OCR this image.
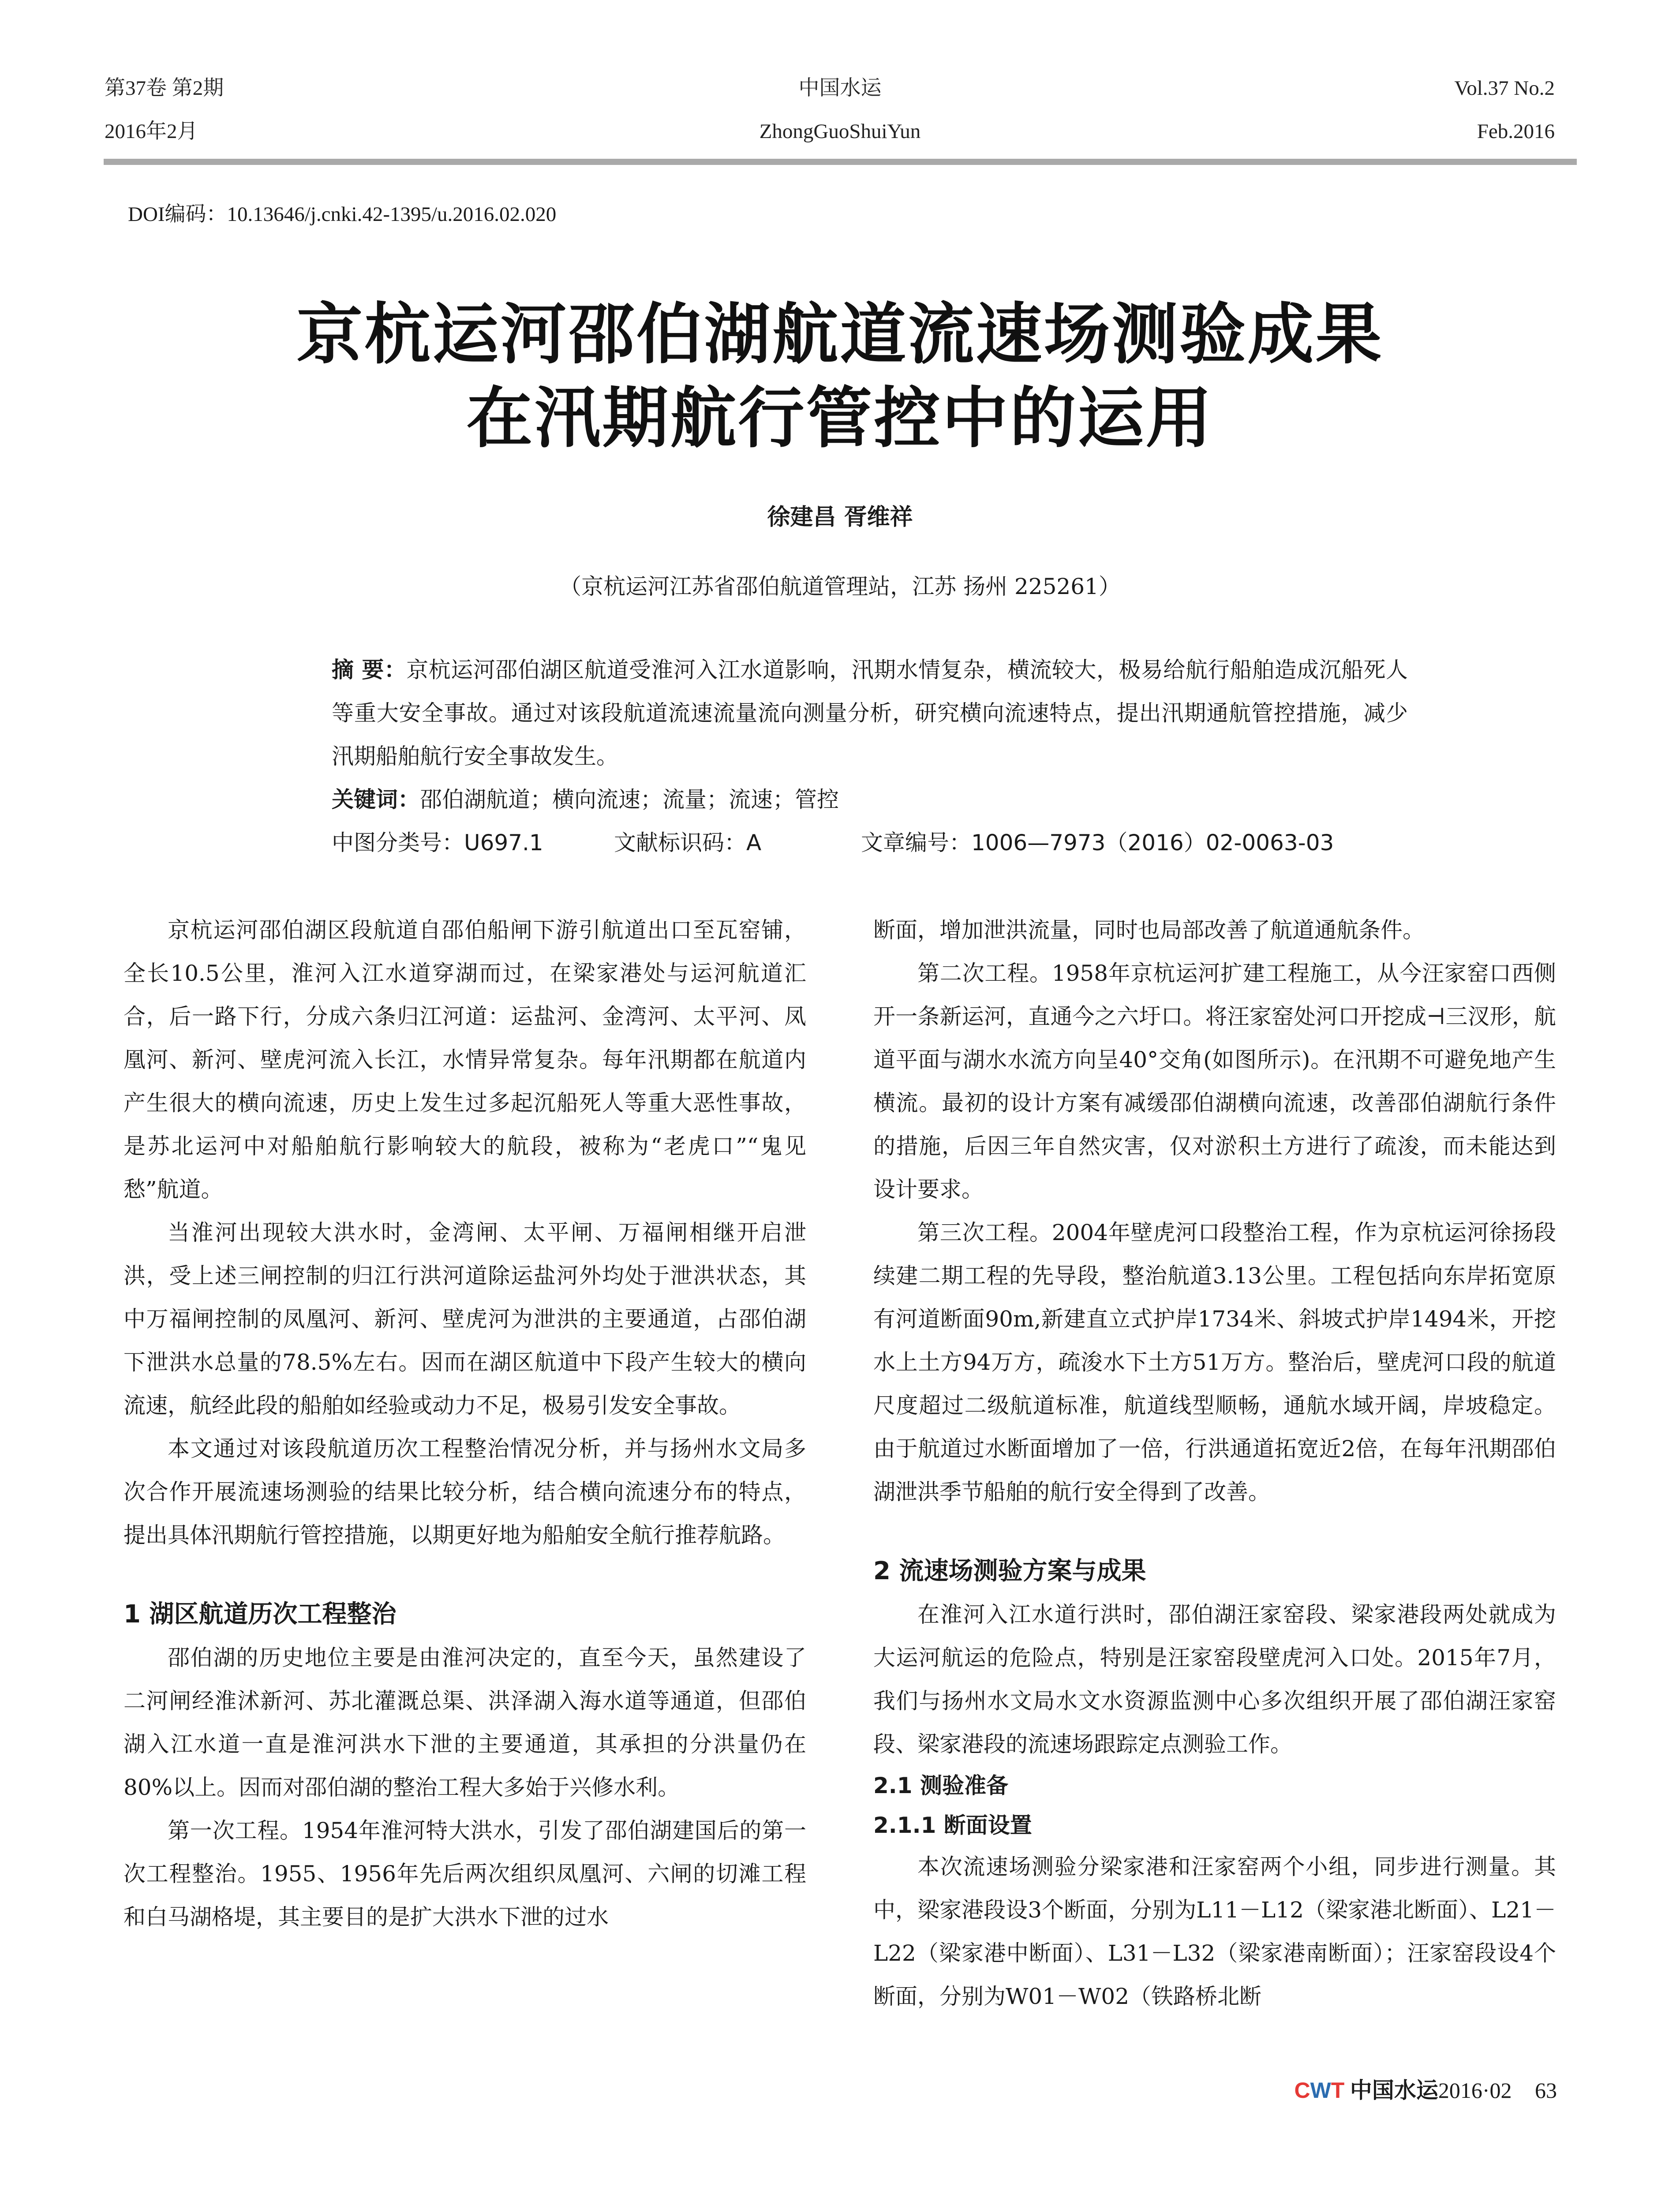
第37卷 第2期
2016年2月
中国水运
ZhongGuoShuiYun
Vol.37 No.2
Feb.2016
DOI编码：10.13646/j.cnki.42-1395/u.2016.02.020
京杭运河邵伯湖航道流速场测验成果
在汛期航行管控中的运用
徐建昌 胥维祥
（京杭运河江苏省邵伯航道管理站，江苏 扬州 225261）

摘 要：京杭运河邵伯湖区航道受淮河入江水道影响，汛期水情复杂，横流较大，极易给航行船舶造成沉船死人等重大安全事故。通过对该段航道流速流量流向测量分析，研究横向流速特点，提出汛期通航管控措施，减少汛期船舶航行安全事故发生。

关键词：邵伯湖航道；横向流速；流量；流速；管控

中图分类号：U697.1	文献标识码：A	文章编号：1006—7973（2016）02-0063-03

京杭运河邵伯湖区段航道自邵伯船闸下游引航道出口至瓦窑铺，全长10.5公里，淮河入江水道穿湖而过，在梁家港处与运河航道汇合，后一路下行，分成六条归江河道：运盐河、金湾河、太平河、凤凰河、新河、壁虎河流入长江，水情异常复杂。每年汛期都在航道内产生很大的横向流速，历史上发生过多起沉船死人等重大恶性事故，是苏北运河中对船舶航行影响较大的航段，被称为“老虎口”“鬼见愁”航道。

当淮河出现较大洪水时，金湾闸、太平闸、万福闸相继开启泄洪，受上述三闸控制的归江行洪河道除运盐河外均处于泄洪状态，其中万福闸控制的凤凰河、新河、壁虎河为泄洪的主要通道，占邵伯湖下泄洪水总量的78.5%左右。因而在湖区航道中下段产生较大的横向流速，航经此段的船舶如经验或动力不足，极易引发安全事故。

本文通过对该段航道历次工程整治情况分析，并与扬州水文局多次合作开展流速场测验的结果比较分析，结合横向流速分布的特点，提出具体汛期航行管控措施，以期更好地为船舶安全航行推荐航路。

1 湖区航道历次工程整治

邵伯湖的历史地位主要是由淮河决定的，直至今天，虽然建设了二河闸经淮沭新河、苏北灌溉总渠、洪泽湖入海水道等通道，但邵伯湖入江水道一直是淮河洪水下泄的主要通道，其承担的分洪量仍在80%以上。因而对邵伯湖的整治工程大多始于兴修水利。

第一次工程。1954年淮河特大洪水，引发了邵伯湖建国后的第一次工程整治。1955、1956年先后两次组织凤凰河、六闸的切滩工程和白马湖格堤，其主要目的是扩大洪水下泄的过水

断面，增加泄洪流量，同时也局部改善了航道通航条件。

第二次工程。1958年京杭运河扩建工程施工，从今汪家窑口西侧开一条新运河，直通今之六圩口。将汪家窑处河口开挖成⊣三汊形，航道平面与湖水水流方向呈40°交角(如图所示)。在汛期不可避免地产生横流。最初的设计方案有减缓邵伯湖横向流速，改善邵伯湖航行条件的措施，后因三年自然灾害，仅对淤积土方进行了疏浚，而未能达到设计要求。

第三次工程。2004年壁虎河口段整治工程，作为京杭运河徐扬段续建二期工程的先导段，整治航道3.13公里。工程包括向东岸拓宽原有河道断面90m,新建直立式护岸1734米、斜坡式护岸1494米，开挖水上土方94万方，疏浚水下土方51万方。整治后，壁虎河口段的航道尺度超过二级航道标准，航道线型顺畅，通航水域开阔，岸坡稳定。由于航道过水断面增加了一倍，行洪通道拓宽近2倍，在每年汛期邵伯湖泄洪季节船舶的航行安全得到了改善。

2 流速场测验方案与成果

在淮河入江水道行洪时，邵伯湖汪家窑段、梁家港段两处就成为大运河航运的危险点，特别是汪家窑段壁虎河入口处。2015年7月，我们与扬州水文局水文水资源监测中心多次组织开展了邵伯湖汪家窑段、梁家港段的流速场跟踪定点测验工作。

2.1 测验准备
2.1.1 断面设置

本次流速场测验分梁家港和汪家窑两个小组，同步进行测量。其中，梁家港段设3个断面，分别为L11－L12（梁家港北断面）、L21－L22（梁家港中断面）、L31－L32（梁家港南断面）；汪家窑段设4个断面，分别为W01－W02（铁路桥北断

CWT 中国水运2016·02 63
